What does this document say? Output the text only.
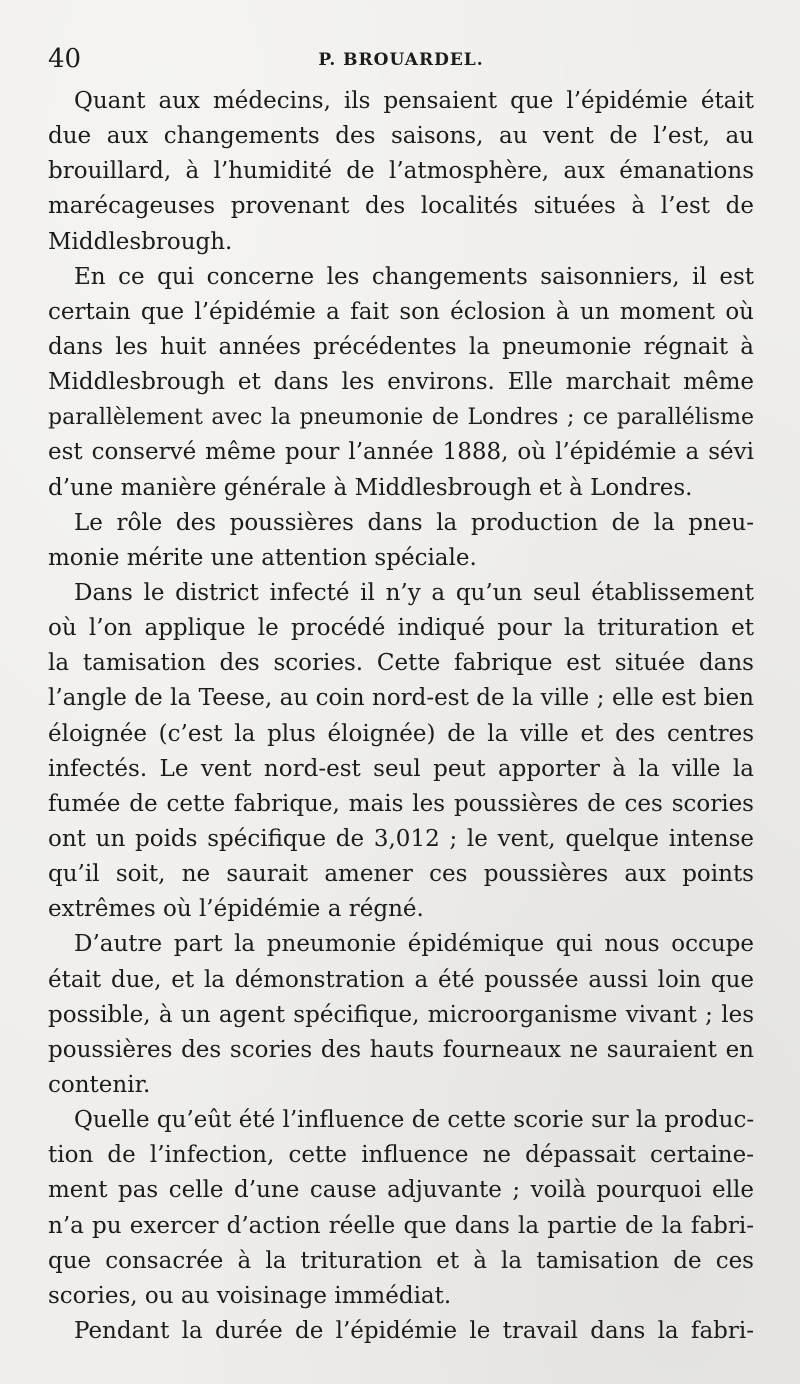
40	P. BROUARDEL.
Quant aux médecins, ils pensaient que l’épidémie était
due aux changements des saisons, au vent de l’est, au
brouillard, à l’humidité de l’atmosphère, aux émanations
marécageuses provenant des localités situées à l’est de
Middlesbrough.
En ce qui concerne les changements saisonniers, il est
certain que l’épidémie a fait son éclosion à un moment où
dans les huit années précédentes la pneumonie régnait à
Middlesbrough et dans les environs. Elle marchait même
parallèlement avec la pneumonie de Londres ; ce parallélisme
est conservé même pour l’année 1888, où l’épidémie a sévi
d’une manière générale à Middlesbrough et à Londres.
Le rôle des poussières dans la production de la pneu-
monie mérite une attention spéciale.
Dans le district infecté il n’y a qu’un seul établissement
où l’on applique le procédé indiqué pour la trituration et
la tamisation des scories. Cette fabrique est située dans
l’angle de la Teese, au coin nord-est de la ville ; elle est bien
éloignée (c’est la plus éloignée) de la ville et des centres
infectés. Le vent nord-est seul peut apporter à la ville la
fumée de cette fabrique, mais les poussières de ces scories
ont un poids spécifique de 3,012 ; le vent, quelque intense
qu’il soit, ne saurait amener ces poussières aux points
extrêmes où l’épidémie a régné.
D’autre part la pneumonie épidémique qui nous occupe
était due, et la démonstration a été poussée aussi loin que
possible, à un agent spécifique, microorganisme vivant ; les
poussières des scories des hauts fourneaux ne sauraient en
contenir.
Quelle qu’eût été l’influence de cette scorie sur la produc-
tion de l’infection, cette influence ne dépassait certaine-
ment pas celle d’une cause adjuvante ; voilà pourquoi elle
n’a pu exercer d’action réelle que dans la partie de la fabri-
que consacrée à la trituration et à la tamisation de ces
scories, ou au voisinage immédiat.
Pendant la durée de l’épidémie le travail dans la fabri-
